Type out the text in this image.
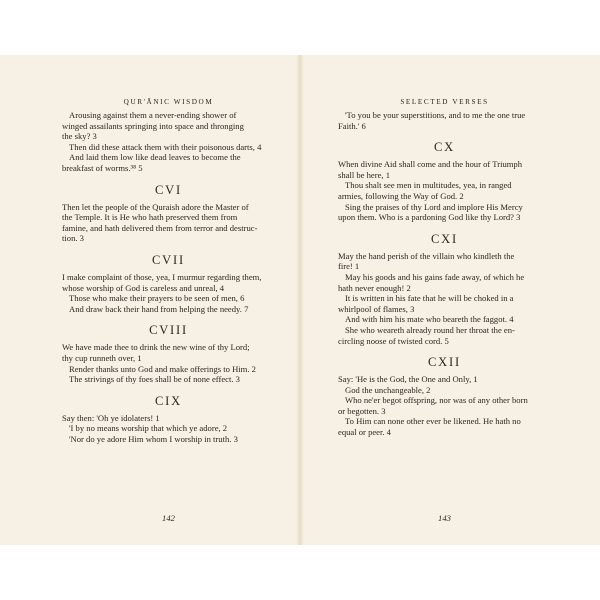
QUR'ĀNIC WISDOM
Arousing against them a never-ending shower of
winged assailants springing into space and thronging
the sky? 3
Then did these attack them with their poisonous darts, 4
And laid them low like dead leaves to become the
breakfast of worms.³⁸ 5
CVI
Then let the people of the Quraish adore the Master of
the Temple. It is He who hath preserved them from
famine, and hath delivered them from terror and destruc-
tion. 3
CVII
I make complaint of those, yea, I murmur regarding them,
whose worship of God is careless and unreal, 4
Those who make their prayers to be seen of men, 6
And draw back their hand from helping the needy. 7
CVIII
We have made thee to drink the new wine of thy Lord;
thy cup runneth over, 1
Render thanks unto God and make offerings to Him. 2
The strivings of thy foes shall be of none effect. 3
CIX
Say then: 'Oh ye idolaters! 1
'I by no means worship that which ye adore, 2
'Nor do ye adore Him whom I worship in truth. 3
142
SELECTED VERSES
'To you be your superstitions, and to me the one true
Faith.' 6
CX
When divine Aid shall come and the hour of Triumph
shall be here, 1
Thou shalt see men in multitudes, yea, in ranged
armies, following the Way of God. 2
Sing the praises of thy Lord and implore His Mercy
upon them. Who is a pardoning God like thy Lord? 3
CXI
May the hand perish of the villain who kindleth the
fire! 1
May his goods and his gains fade away, of which he
hath never enough! 2
It is written in his fate that he will be choked in a
whirlpool of flames, 3
And with him his mate who beareth the faggot. 4
She who weareth already round her throat the en-
circling noose of twisted cord. 5
CXII
Say: 'He is the God, the One and Only, 1
God the unchangeable, 2
Who ne'er begot offspring, nor was of any other born
or begotten. 3
To Him can none other ever be likened. He hath no
equal or peer. 4
143
